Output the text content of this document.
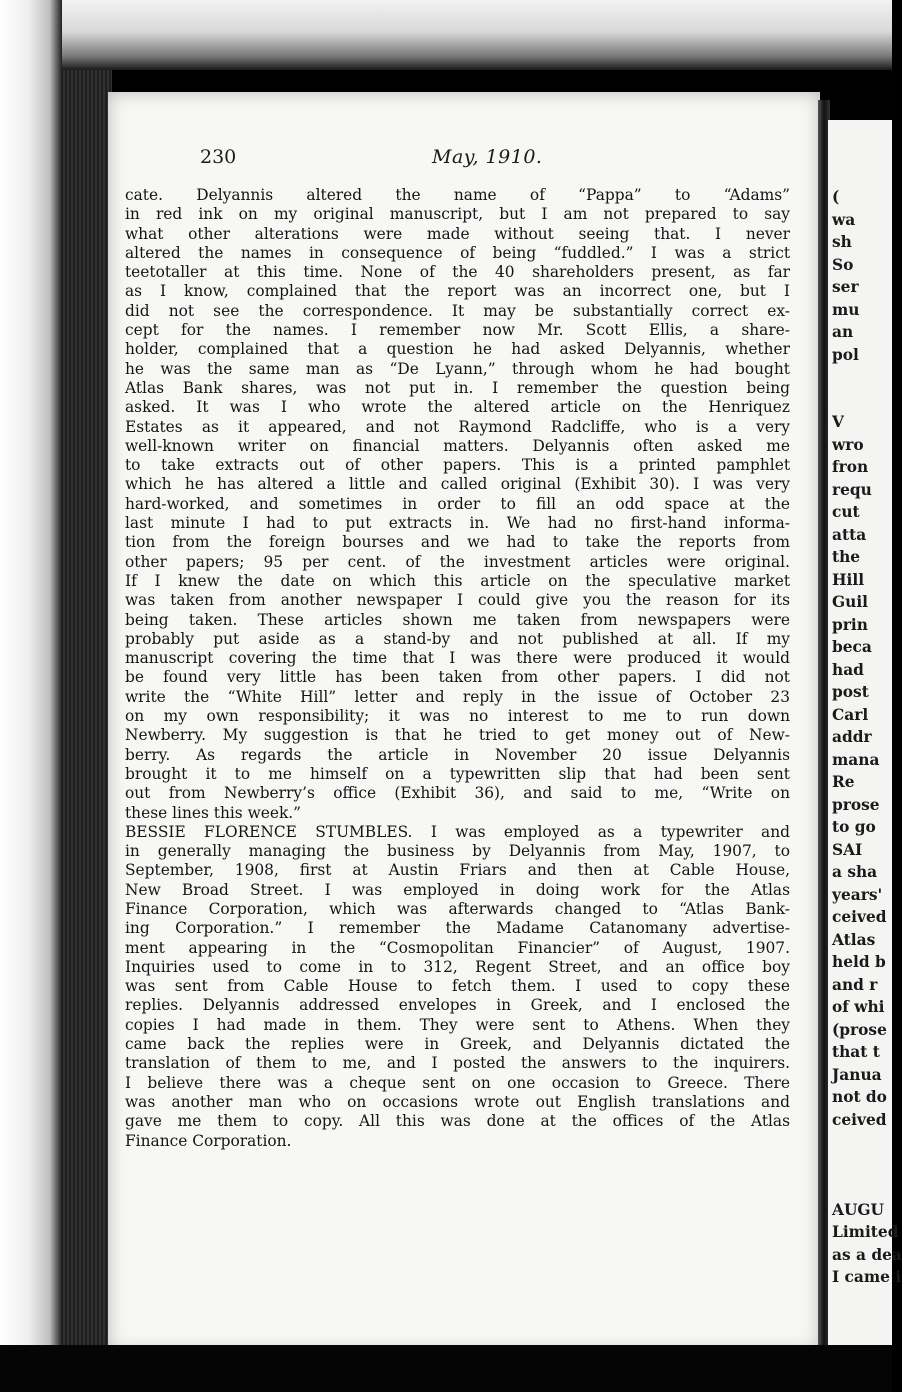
230	May, 1910.
cate. Delyannis altered the name of “Pappa” to “Adams”
in red ink on my original manuscript, but I am not prepared to say
what other alterations were made without seeing that. I never
altered the names in consequence of being “fuddled.” I was a strict
teetotaller at this time. None of the 40 shareholders present, as far
as I know, complained that the report was an incorrect one, but I
did not see the correspondence. It may be substantially correct ex-
cept for the names. I remember now Mr. Scott Ellis, a share-
holder, complained that a question he had asked Delyannis, whether
he was the same man as “De Lyann,” through whom he had bought
Atlas Bank shares, was not put in. I remember the question being
asked. It was I who wrote the altered article on the Henriquez
Estates as it appeared, and not Raymond Radcliffe, who is a very
well-known writer on financial matters. Delyannis often asked me
to take extracts out of other papers. This is a printed pamphlet
which he has altered a little and called original (Exhibit 30). I was very
hard-worked, and sometimes in order to fill an odd space at the
last minute I had to put extracts in. We had no first-hand informa-
tion from the foreign bourses and we had to take the reports from
other papers; 95 per cent. of the investment articles were original.
If I knew the date on which this article on the speculative market
was taken from another newspaper I could give you the reason for its
being taken. These articles shown me taken from newspapers were
probably put aside as a stand-by and not published at all. If my
manuscript covering the time that I was there were produced it would
be found very little has been taken from other papers. I did not
write the “White Hill” letter and reply in the issue of October 23
on my own responsibility; it was no interest to me to run down
Newberry. My suggestion is that he tried to get money out of New-
berry. As regards the article in November 20 issue Delyannis
brought it to me himself on a typewritten slip that had been sent
out from Newberry’s office (Exhibit 36), and said to me, “Write on
these lines this week.”
BESSIE FLORENCE STUMBLES. I was employed as a typewriter and
in generally managing the business by Delyannis from May, 1907, to
September, 1908, first at Austin Friars and then at Cable House,
New Broad Street. I was employed in doing work for the Atlas
Finance Corporation, which was afterwards changed to “Atlas Bank-
ing Corporation.” I remember the Madame Catanomany advertise-
ment appearing in the “Cosmopolitan Financier” of August, 1907.
Inquiries used to come in to 312, Regent Street, and an office boy
was sent from Cable House to fetch them. I used to copy these
replies. Delyannis addressed envelopes in Greek, and I enclosed the
copies I had made in them. They were sent to Athens. When they
came back the replies were in Greek, and Delyannis dictated the
translation of them to me, and I posted the answers to the inquirers.
I believe there was a cheque sent on one occasion to Greece. There
was another man who on occasions wrote out English translations and
gave me them to copy. All this was done at the offices of the Atlas
Finance Corporation.
(
wa
sh
So
ser
mu
an
pol
V
wro
fron
requ
cut
atta
the
Hill
Guil
prin
beca
had
post
Carl
addr
mana
Re
prose
to go
SAI
a sha
years'
ceived
Atlas
held b
and r
of whi
(prose
that t
Janua
not do
ceived
AUGU
Limited
as a dea
I came i
